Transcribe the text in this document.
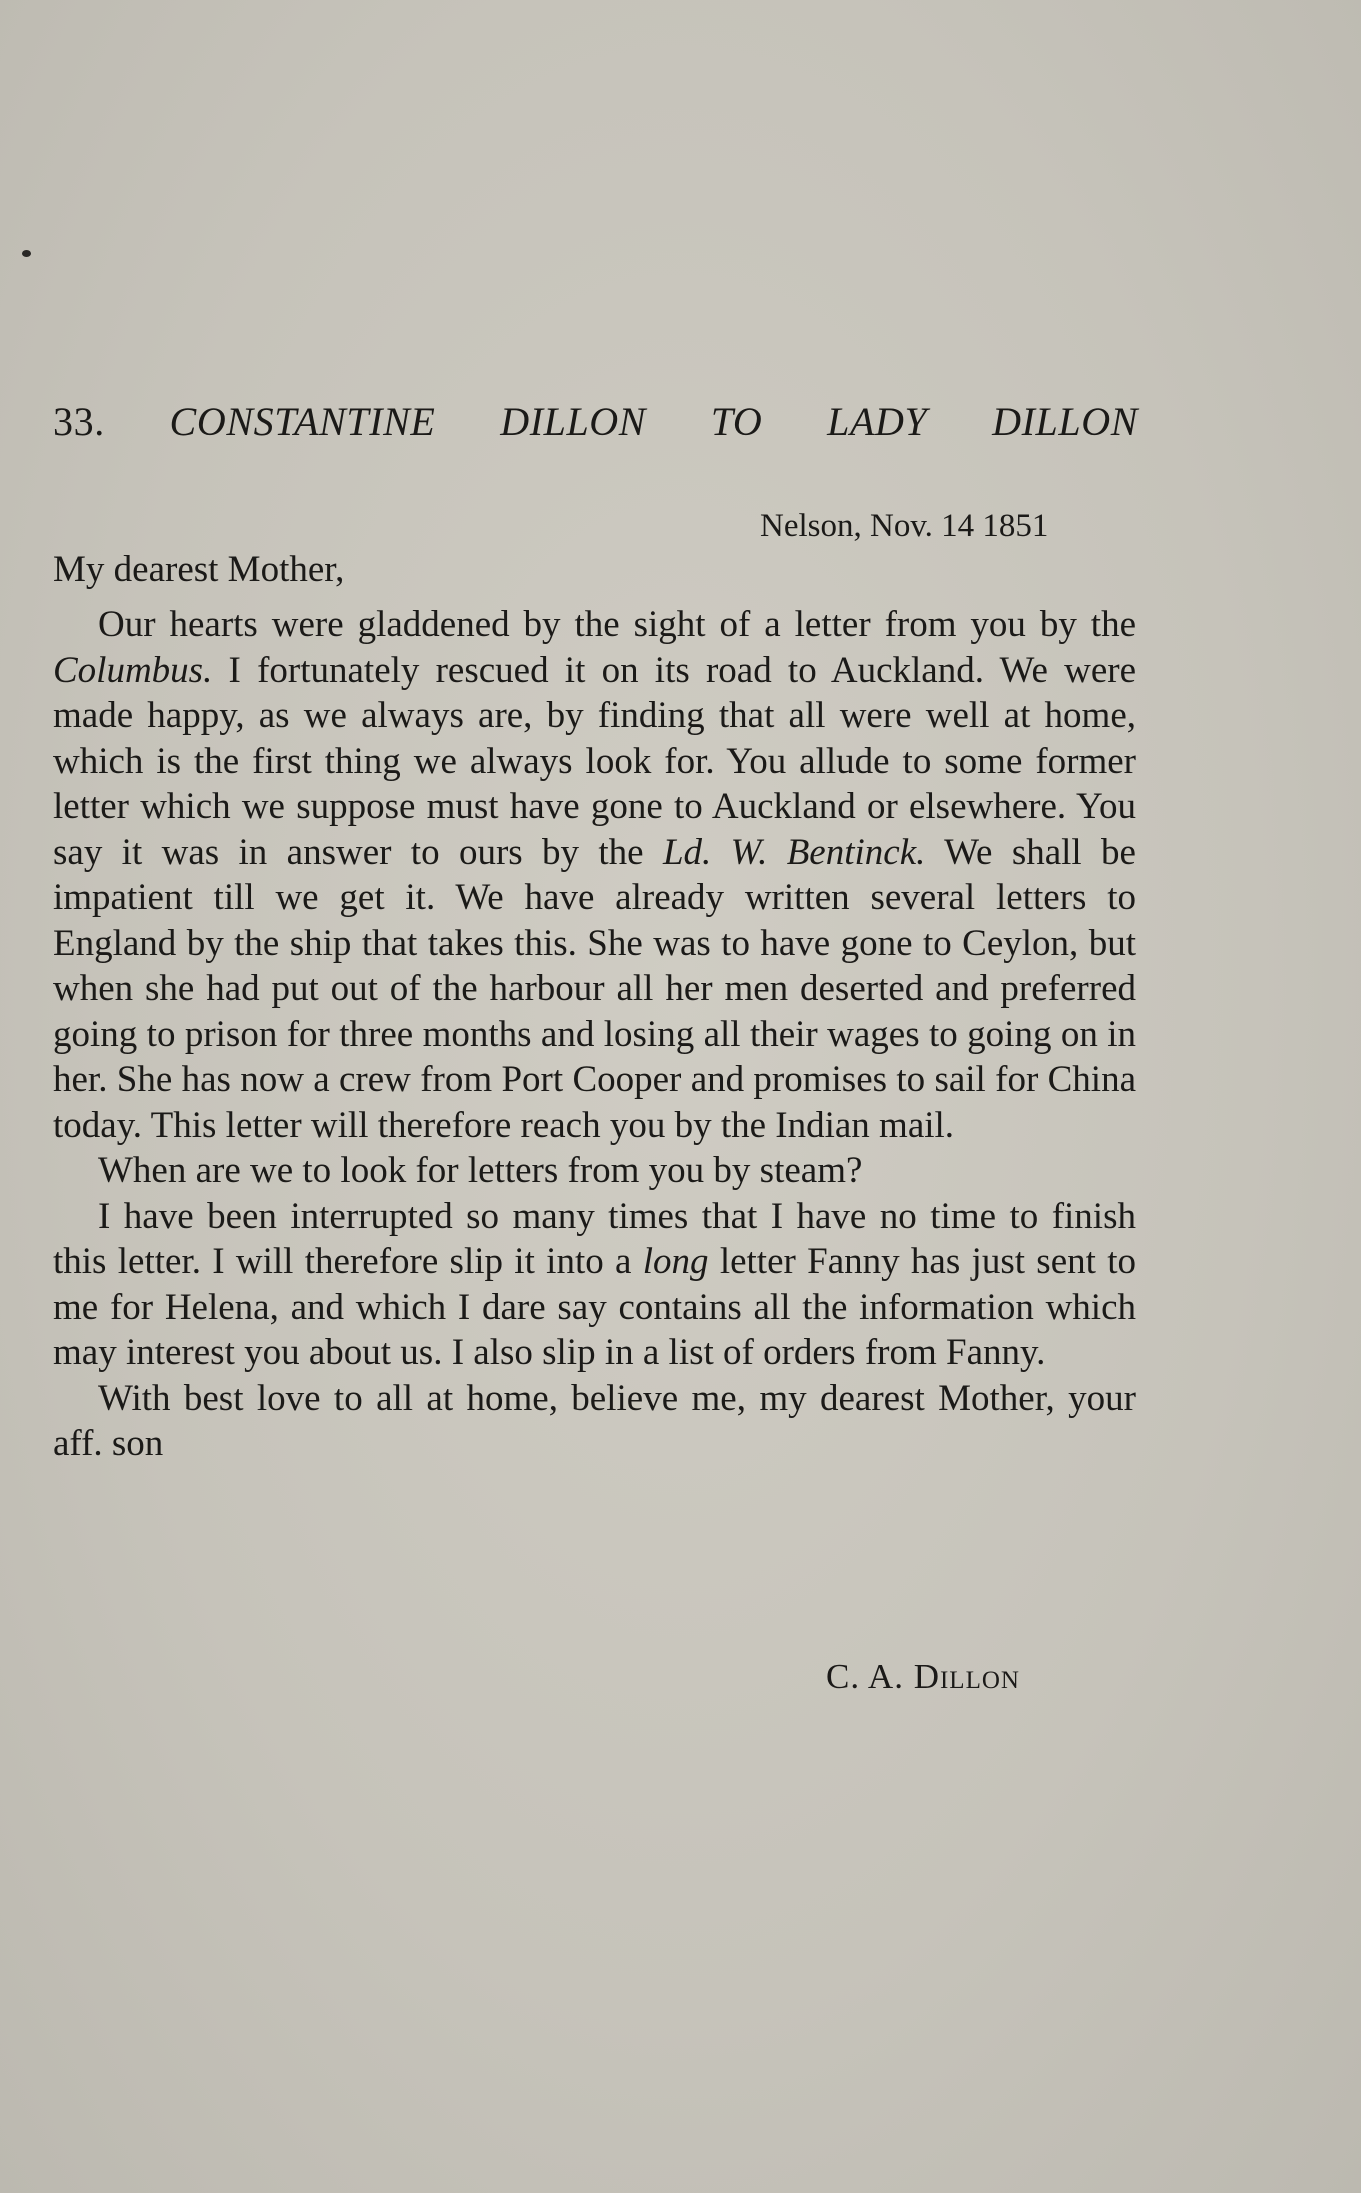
33. CONSTANTINE DILLON TO LADY DILLON
Nelson, Nov. 14 1851
My dearest Mother,

Our hearts were gladdened by the sight of a letter from you by the Columbus. I fortunately rescued it on its road to Auckland. We were made happy, as we always are, by finding that all were well at home, which is the first thing we always look for. You allude to some former letter which we suppose must have gone to Auckland or elsewhere. You say it was in answer to ours by the Ld. W. Bentinck. We shall be impatient till we get it. We have already written several letters to England by the ship that takes this. She was to have gone to Ceylon, but when she had put out of the harbour all her men deserted and preferred going to prison for three months and losing all their wages to going on in her. She has now a crew from Port Cooper and promises to sail for China today. This letter will therefore reach you by the Indian mail.

When are we to look for letters from you by steam?

I have been interrupted so many times that I have no time to finish this letter. I will therefore slip it into a long letter Fanny has just sent to me for Helena, and which I dare say contains all the information which may interest you about us. I also slip in a list of orders from Fanny.

With best love to all at home, believe me, my dearest Mother, your aff. son

C. A. Dillon
